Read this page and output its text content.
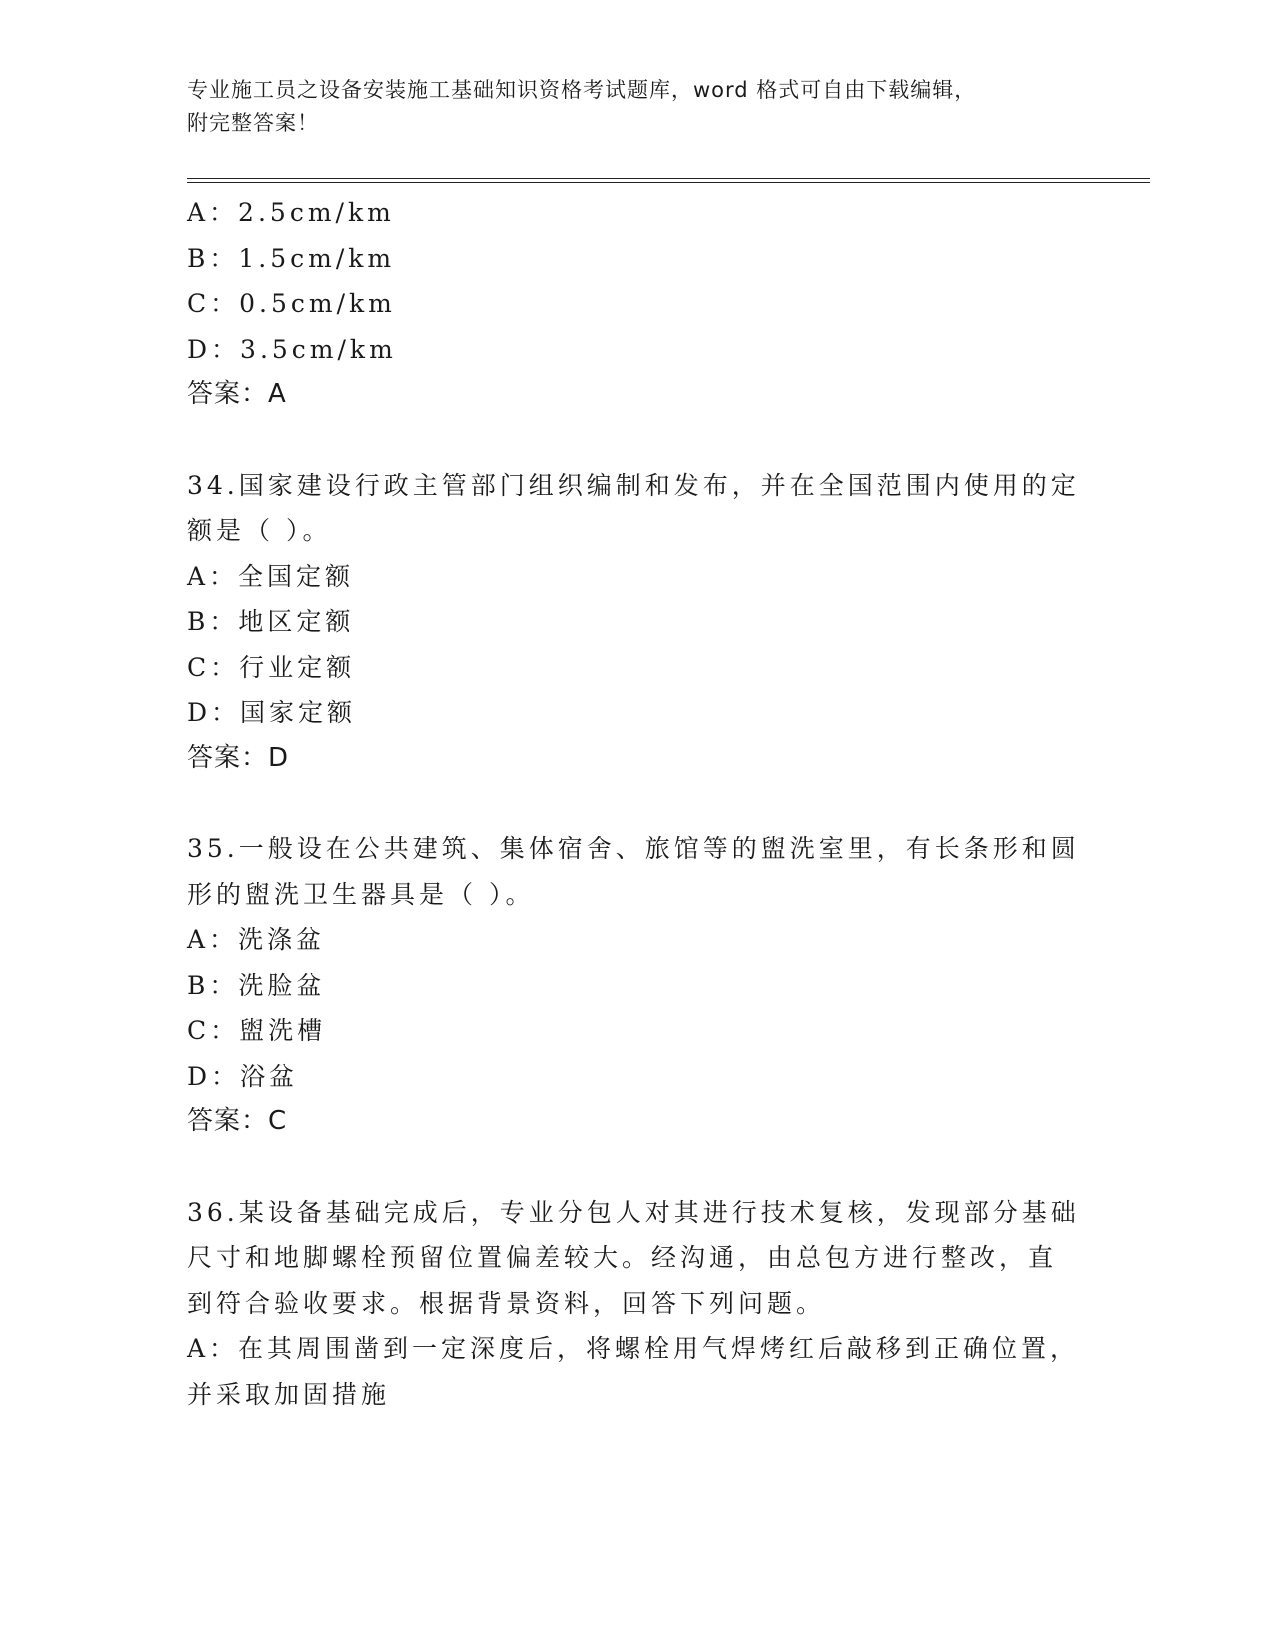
专业施工员之设备安装施工基础知识资格考试题库，word 格式可自由下载编辑，
附完整答案！
A：2.5cm/km
B：1.5cm/km
C：0.5cm/km
D：3.5cm/km
答案：A
34.国家建设行政主管部门组织编制和发布，并在全国范围内使用的定
额是（ ）。
A：全国定额
B：地区定额
C：行业定额
D：国家定额
答案：D
35.一般设在公共建筑、集体宿舍、旅馆等的盥洗室里，有长条形和圆
形的盥洗卫生器具是（ ）。
A：洗涤盆
B：洗脸盆
C：盥洗槽
D：浴盆
答案：C
36.某设备基础完成后，专业分包人对其进行技术复核，发现部分基础
尺寸和地脚螺栓预留位置偏差较大。经沟通，由总包方进行整改，直
到符合验收要求。根据背景资料，回答下列问题。
A：在其周围凿到一定深度后，将螺栓用气焊烤红后敲移到正确位置，
并采取加固措施
